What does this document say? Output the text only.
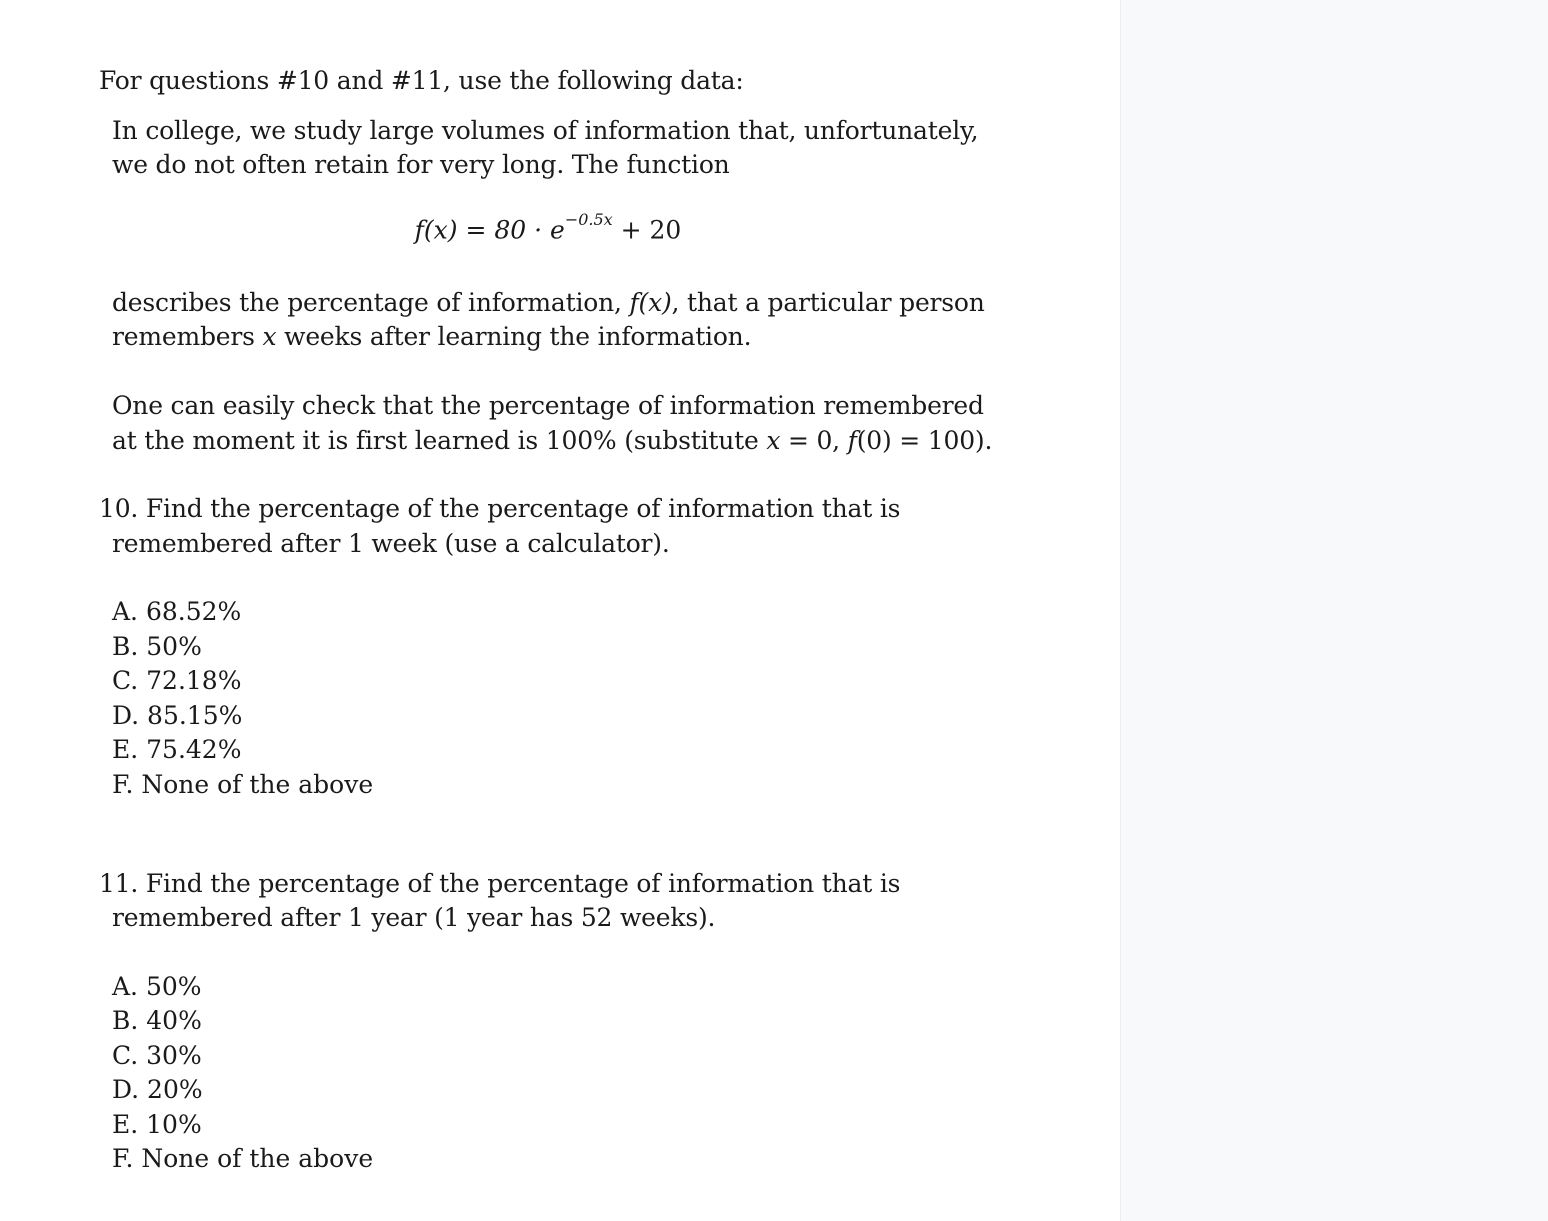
For questions #10 and #11, use the following data:
In college, we study large volumes of information that, unfortunately,
we do not often retain for very long. The function
$f(x) = 80 \cdot e^{-0.5x} + 20$
describes the percentage of information, f(x), that a particular person
remembers x weeks after learning the information.
One can easily check that the percentage of information remembered
at the moment it is first learned is 100% (substitute x = 0, f(0) = 100).
10. Find the percentage of the percentage of information that is
remembered after 1 week (use a calculator).
A. 68.52%
B. 50%
C. 72.18%
D. 85.15%
E. 75.42%
F. None of the above
11. Find the percentage of the percentage of information that is
remembered after 1 year (1 year has 52 weeks).
A. 50%
B. 40%
C. 30%
D. 20%
E. 10%
F. None of the above
